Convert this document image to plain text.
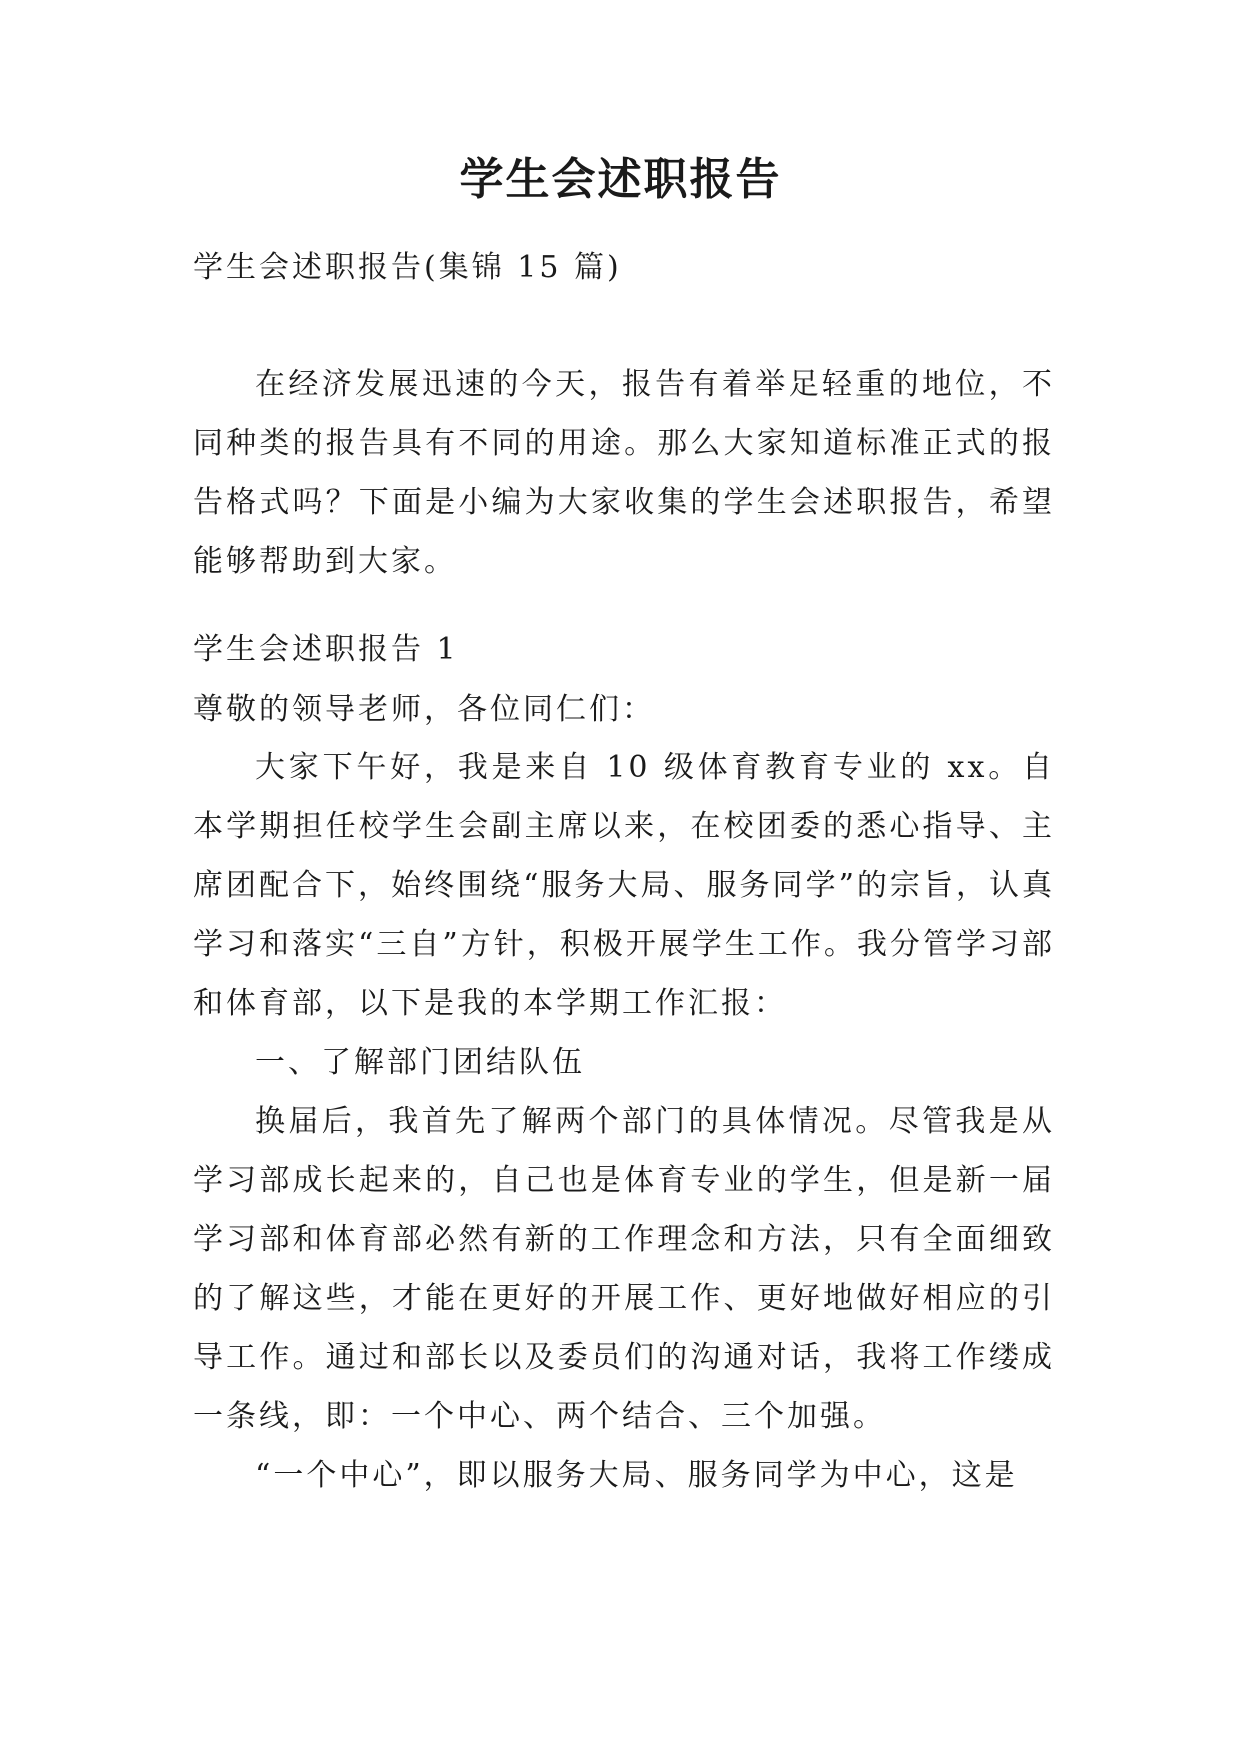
学生会述职报告
学生会述职报告(集锦 15 篇)
在经济发展迅速的今天，报告有着举足轻重的地位，不同种类的报告具有不同的用途。那么大家知道标准正式的报告格式吗？下面是小编为大家收集的学生会述职报告，希望能够帮助到大家。
学生会述职报告 1
尊敬的领导老师，各位同仁们：

大家下午好，我是来自 10 级体育教育专业的 xx。自本学期担任校学生会副主席以来，在校团委的悉心指导、主席团配合下，始终围绕“服务大局、服务同学”的宗旨，认真学习和落实“三自”方针，积极开展学生工作。我分管学习部和体育部，以下是我的本学期工作汇报：

一、了解部门团结队伍

换届后，我首先了解两个部门的具体情况。尽管我是从学习部成长起来的，自己也是体育专业的学生，但是新一届学习部和体育部必然有新的工作理念和方法，只有全面细致的了解这些，才能在更好的开展工作、更好地做好相应的引导工作。通过和部长以及委员们的沟通对话，我将工作缕成一条线，即：一个中心、两个结合、三个加强。

“一个中心”，即以服务大局、服务同学为中心，这是
